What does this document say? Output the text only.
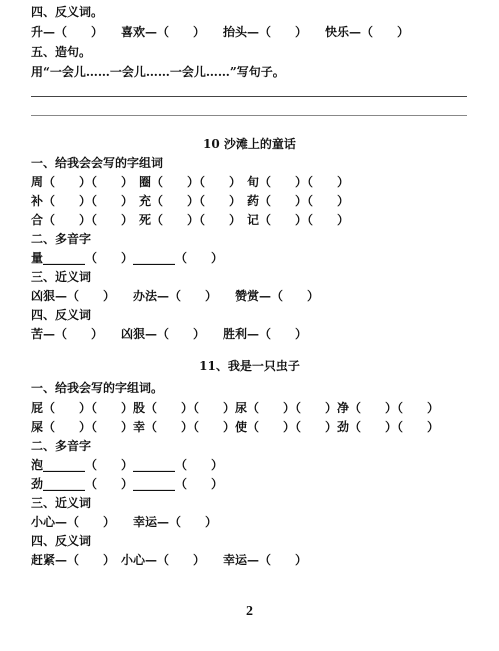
四、反义词。
升—（　　）　　喜欢—（　　）　　抬头—（　　）　　快乐—（　　）
五、造句。
用“一会儿……一会儿……一会儿……”写句子。
10 沙滩上的童话
一、给我会会写的字组词
周（　　）（　　）　圈（　　）（　　）　旬（　　）（　　）
补（　　）（　　）　充（　　）（　　）　药（　　）（　　）
合（　　）（　　）　死（　　）（　　）　记（　　）（　　）
二、多音字
量_______（　　）_______（　　）
三、近义词
凶狠—（　　）　　办法—（　　）　　赞赏—（　　）
四、反义词
苦—（　　）　　凶狠—（　　）　　胜利—（　　）
11、我是一只虫子
一、给我会写的字组词。
屁（　　）（　　）股（　　）（　　）尿（　　）（　　）净（　　）（　　）
屎（　　）（　　）幸（　　）（　　）使（　　）（　　）劲（　　）（　　）
二、多音字
泡_______（　　）_______（　　）
劲_______（　　）_______（　　）
三、近义词
小心—（　　）　　幸运—（　　）
四、反义词
赶紧—（　　）　小心—（　　）　　幸运—（　　）
2
